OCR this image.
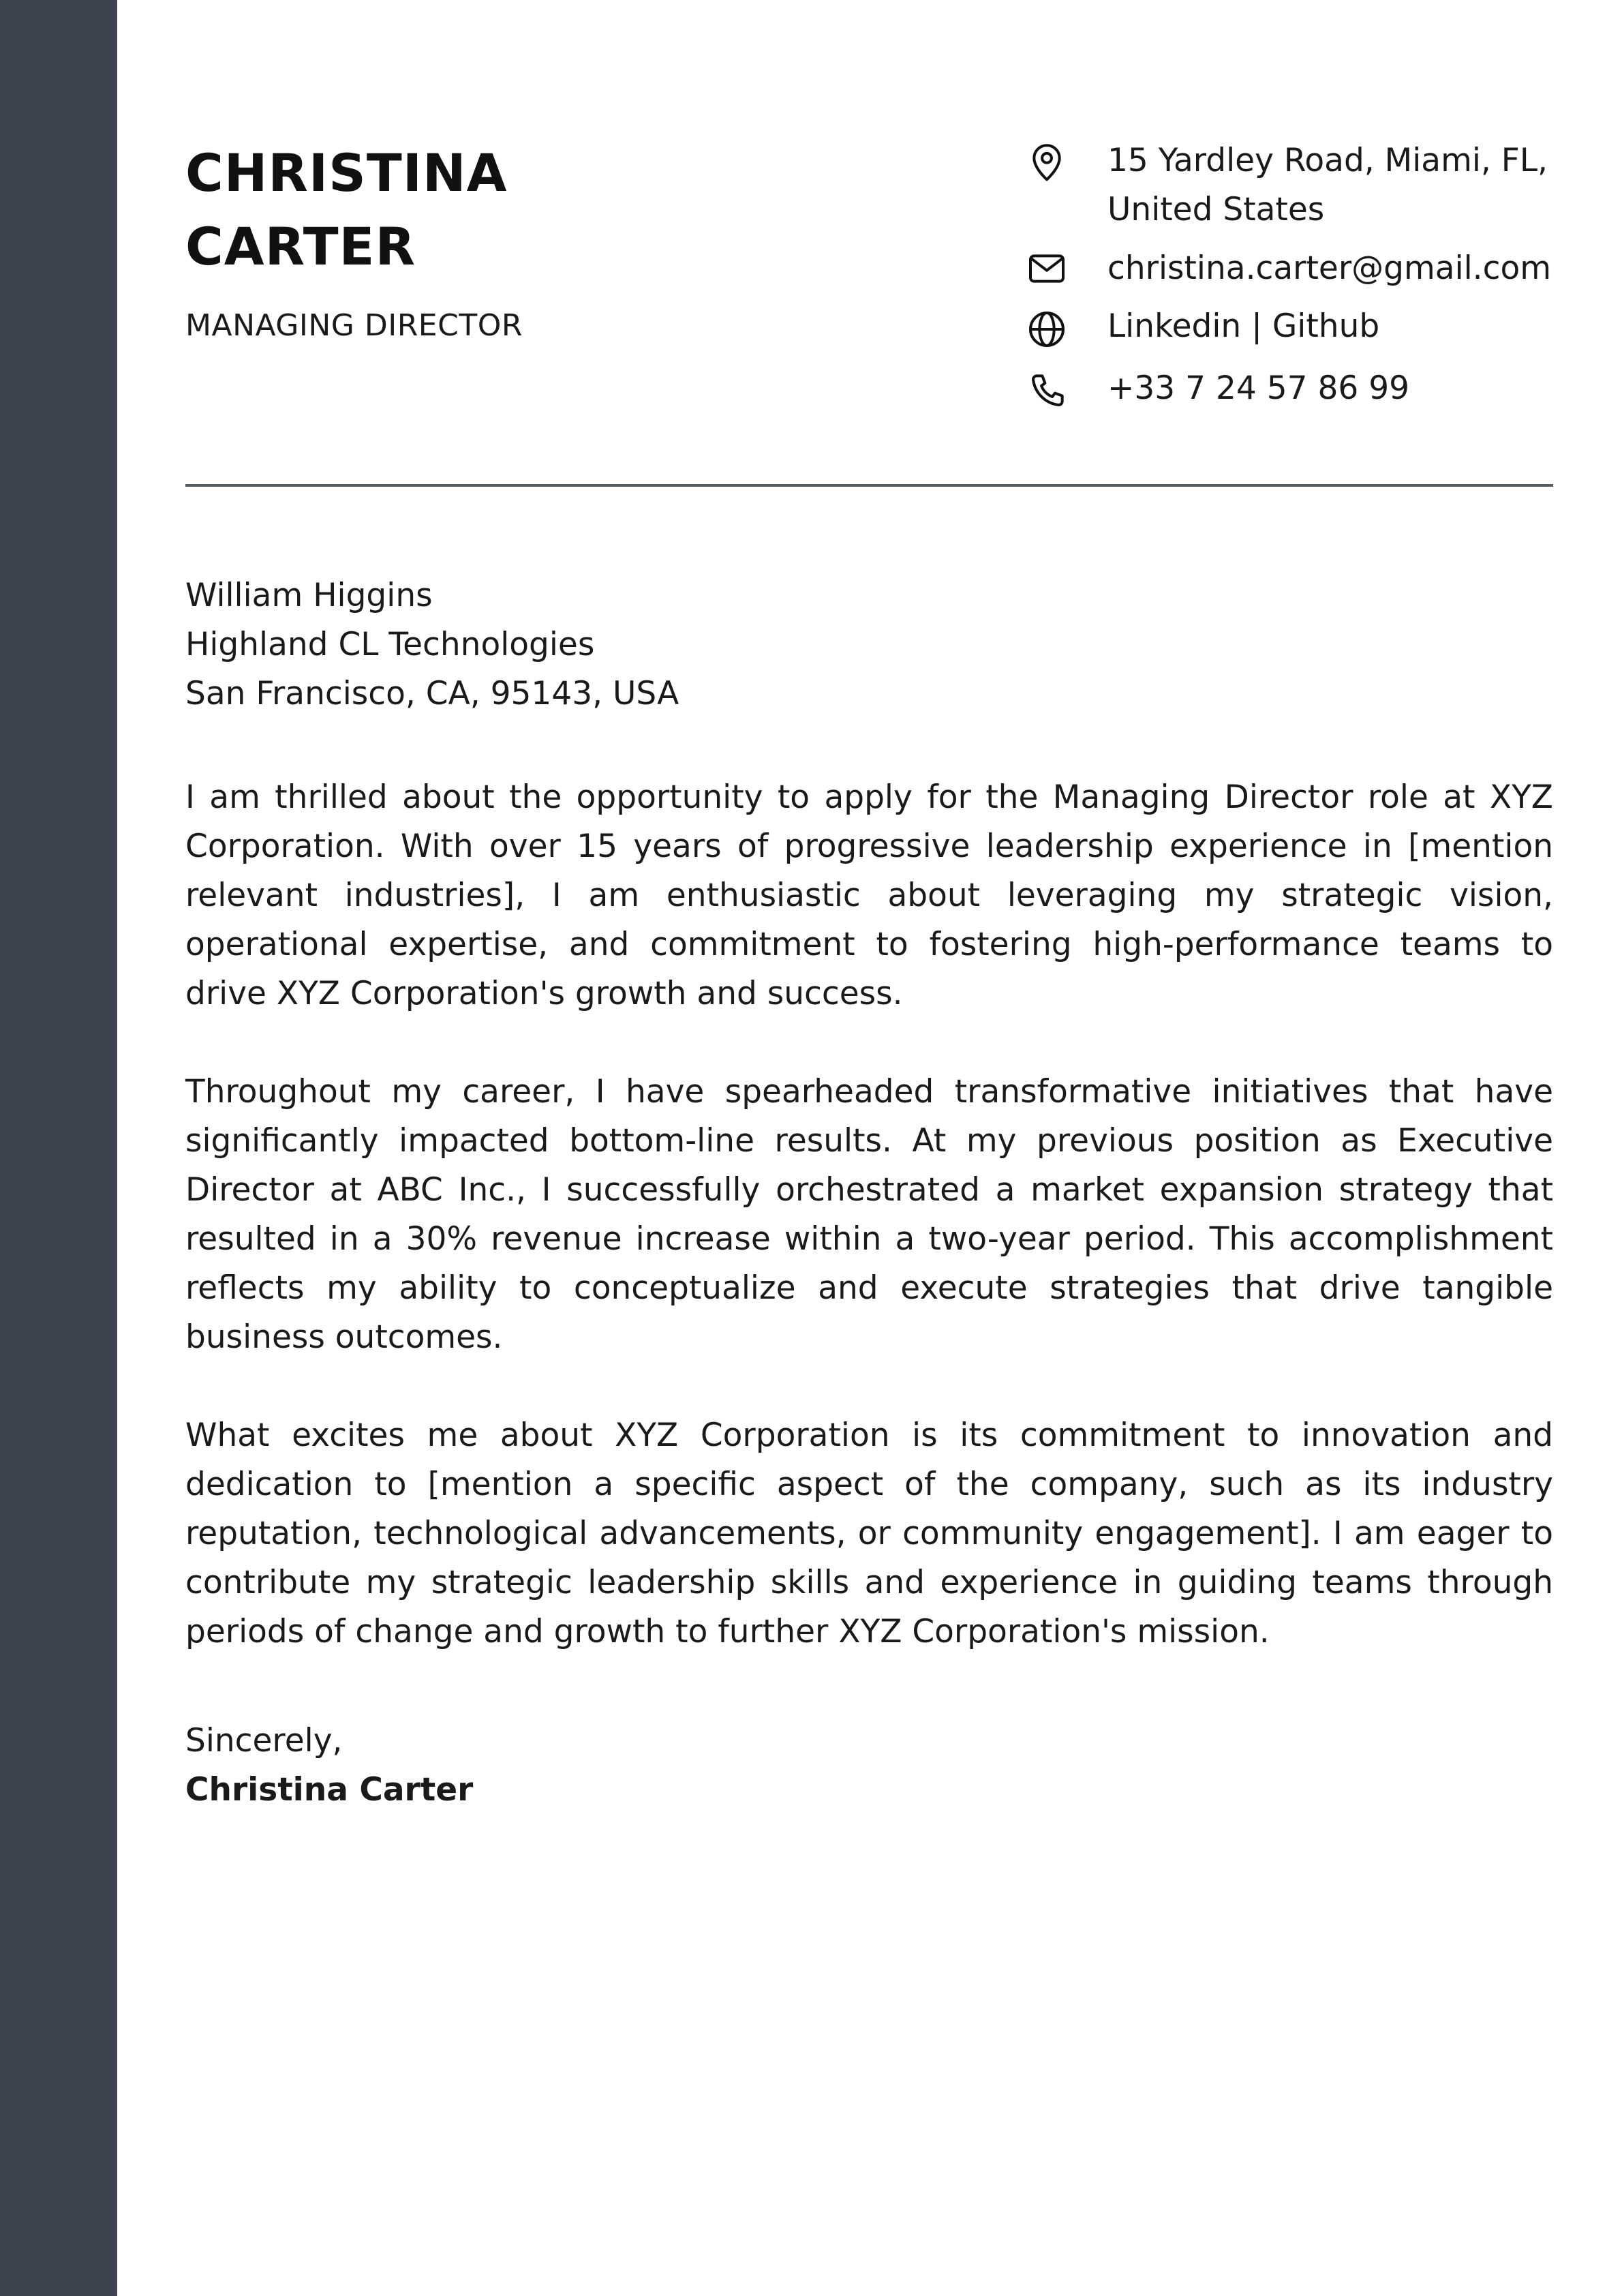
CHRISTINA
CARTER
MANAGING DIRECTOR
15 Yardley Road, Miami, FL, United States
christina.carter@gmail.com
Linkedin | Github
+33 7 24 57 86 99
William Higgins
Highland CL Technologies
San Francisco, CA, 95143, USA

I am thrilled about the opportunity to apply for the Managing Director role at XYZ Corporation. With over 15 years of progressive leadership experience in [mention relevant industries], I am enthusiastic about leveraging my strategic vision, operational expertise, and commitment to fostering high-performance teams to drive XYZ Corporation's growth and success.

Throughout my career, I have spearheaded transformative initiatives that have significantly impacted bottom-line results. At my previous position as Executive Director at ABC Inc., I successfully orchestrated a market expansion strategy that resulted in a 30% revenue increase within a two-year period. This accomplishment reflects my ability to conceptualize and execute strategies that drive tangible business outcomes.

What excites me about XYZ Corporation is its commitment to innovation and dedication to [mention a specific aspect of the company, such as its industry reputation, technological advancements, or community engagement]. I am eager to contribute my strategic leadership skills and experience in guiding teams through periods of change and growth to further XYZ Corporation's mission.

Sincerely,
Christina Carter
